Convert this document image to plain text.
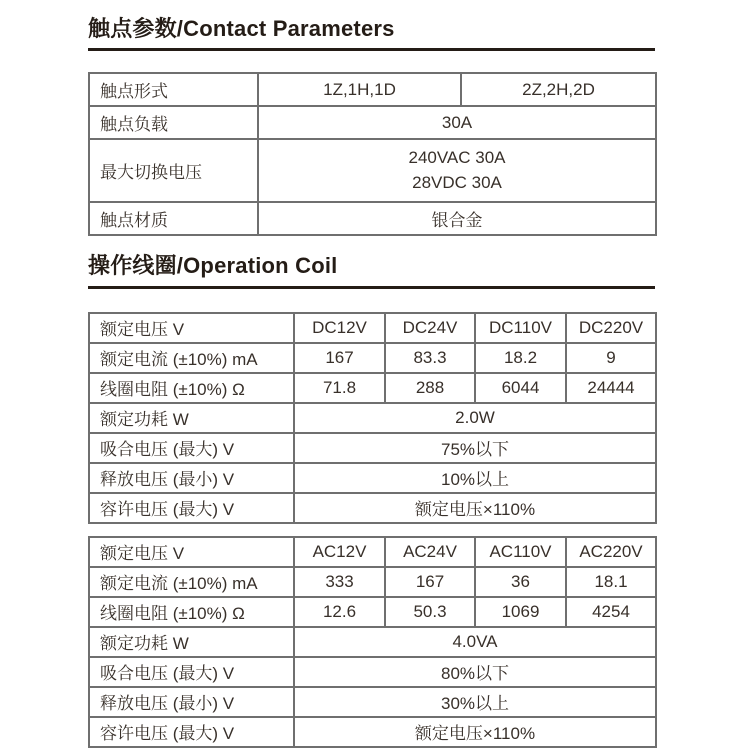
触点参数/Contact Parameters
触点形式	1Z,1H,1D	2Z,2H,2D
触点负载	30A	
最大切换电压	240VAC 30A
28VDC 30A	

触点材质	银合金	
操作线圈/Operation Coil
额定电压 V	DC12V	DC24V	DC110V	DC220V
额定电流 (±10%) mA	167	83.3	18.2	9
线圈电阻 (±10%) Ω	71.8	288	6044	24444
额定功耗 W	2.0W			
吸合电压 (最大) V	75%以下			
释放电压 (最小) V	10%以上			
容许电压 (最大) V	额定电压×110%			
额定电压 V	AC12V	AC24V	AC110V	AC220V
额定电流 (±10%) mA	333	167	36	18.1
线圈电阻 (±10%) Ω	12.6	50.3	1069	4254
额定功耗 W	4.0VA			
吸合电压 (最大) V	80%以下			
释放电压 (最小) V	30%以上			
容许电压 (最大) V	额定电压×110%			
